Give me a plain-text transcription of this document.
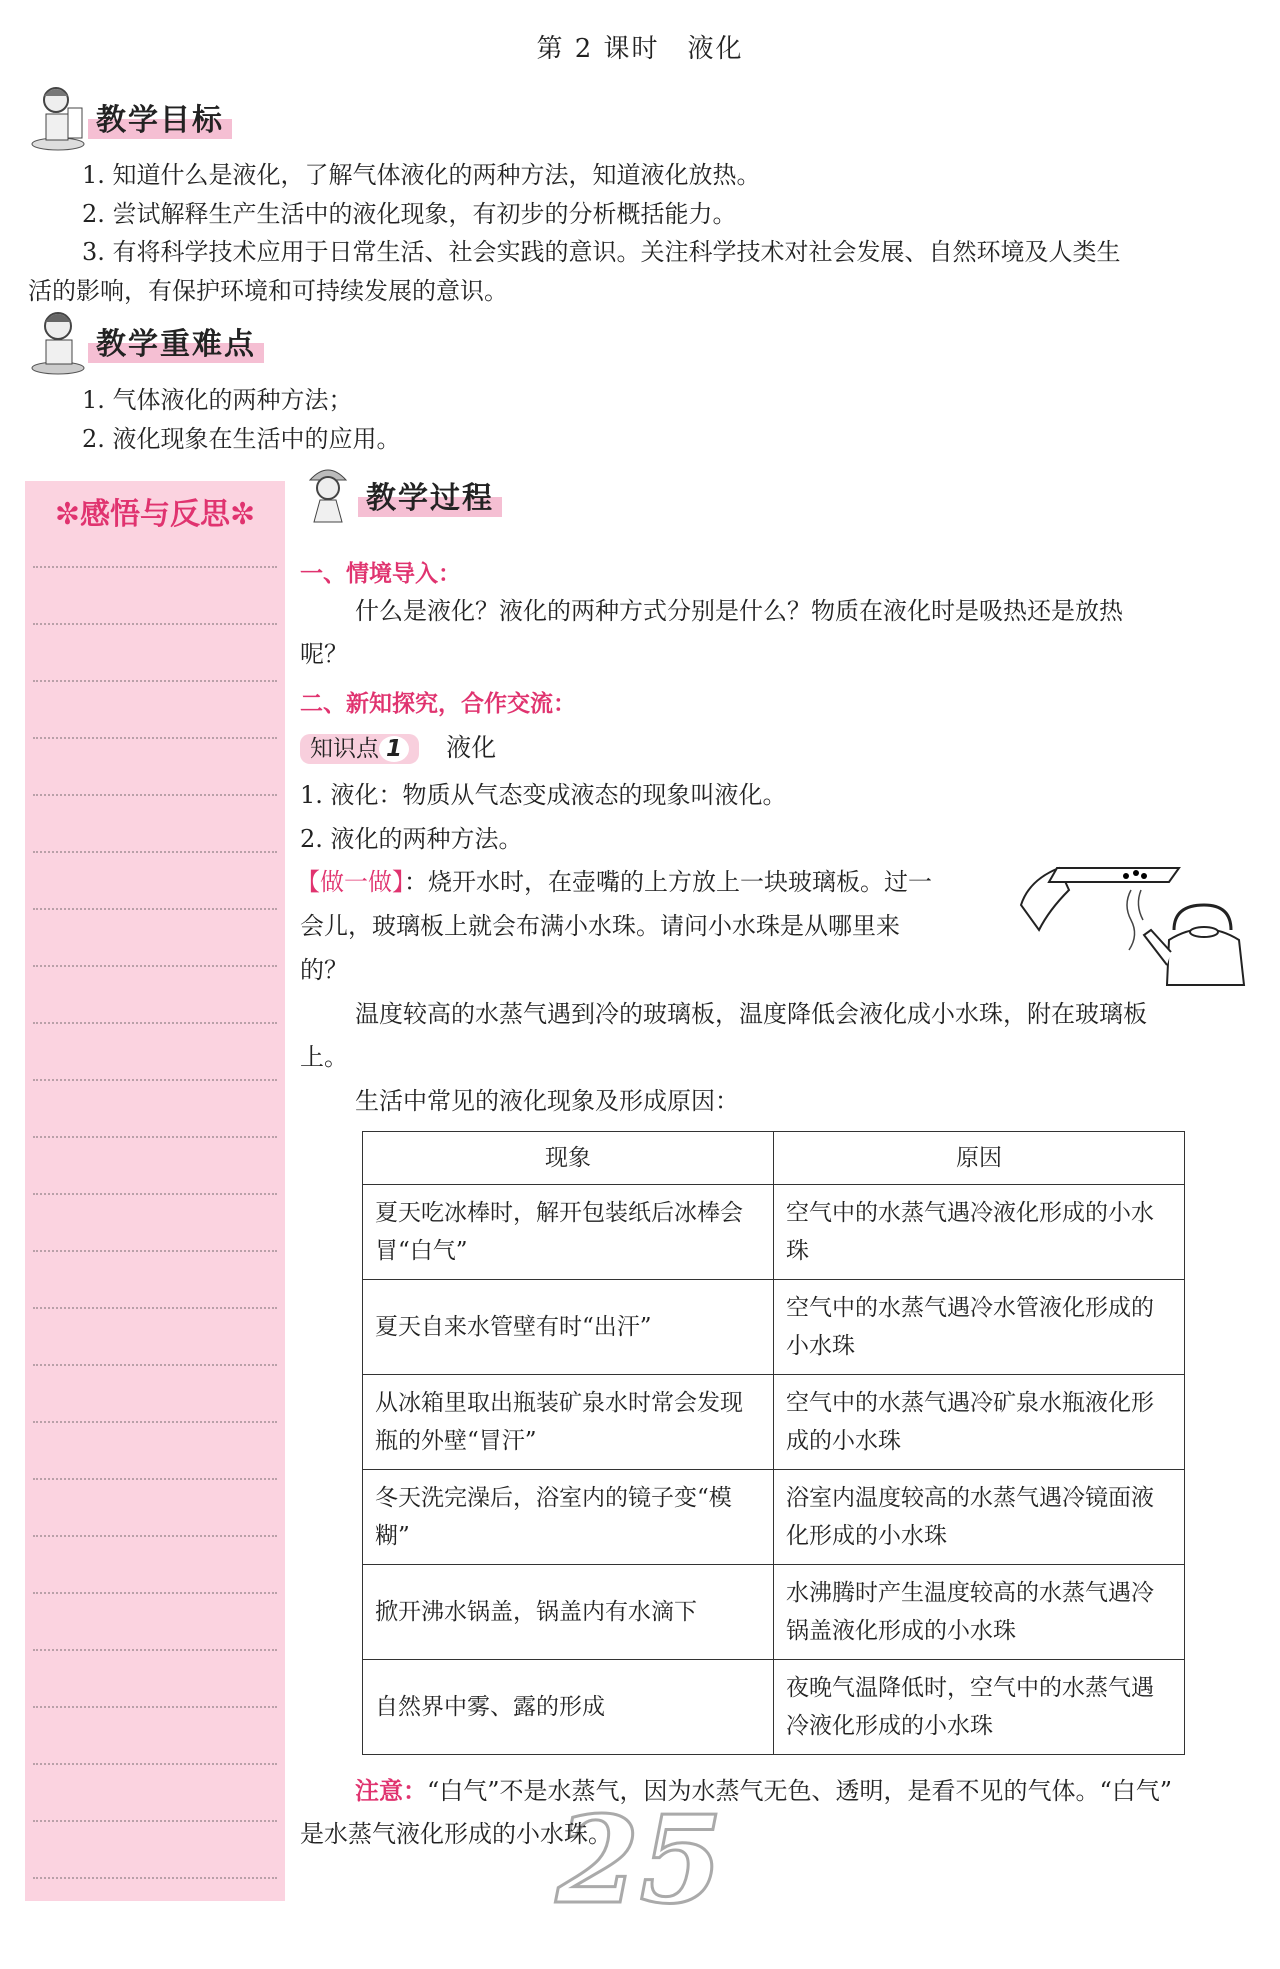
第 2 课时　液化
教学目标
1. 知道什么是液化，了解气体液化的两种方法，知道液化放热。
2. 尝试解释生产生活中的液化现象，有初步的分析概括能力。
3. 有将科学技术应用于日常生活、社会实践的意识。关注科学技术对社会发展、自然环境及人类生
活的影响，有保护环境和可持续发展的意识。
教学重难点
1. 气体液化的两种方法；
2. 液化现象在生活中的应用。
✼感悟与反思✼	教学过程
一、情境导入：
什么是液化？液化的两种方式分别是什么？物质在液化时是吸热还是放热
呢？
二、新知探究，合作交流：
知识点 1 液化
1. 液化：物质从气态变成液态的现象叫液化。
2. 液化的两种方法。
【做一做】：烧开水时，在壶嘴的上方放上一块玻璃板。过一
会儿，玻璃板上就会布满小水珠。请问小水珠是从哪里来
的？
温度较高的水蒸气遇到冷的玻璃板，温度降低会液化成小水珠，附在玻璃板
上。
生活中常见的液化现象及形成原因：
现象	原因
夏天吃冰棒时，解开包装纸后冰棒会冒“白气”	空气中的水蒸气遇冷液化形成的小水珠
夏天自来水管壁有时“出汗”	空气中的水蒸气遇冷水管液化形成的小水珠
从冰箱里取出瓶装矿泉水时常会发现瓶的外壁“冒汗”	空气中的水蒸气遇冷矿泉水瓶液化形成的小水珠
冬天洗完澡后，浴室内的镜子变“模糊”	浴室内温度较高的水蒸气遇冷镜面液化形成的小水珠
掀开沸水锅盖，锅盖内有水滴下	水沸腾时产生温度较高的水蒸气遇冷锅盖液化形成的小水珠
自然界中雾、露的形成	夜晚气温降低时，空气中的水蒸气遇冷液化形成的小水珠
25
注意：“白气”不是水蒸气，因为水蒸气无色、透明，是看不见的气体。“白气”
是水蒸气液化形成的小水珠。
